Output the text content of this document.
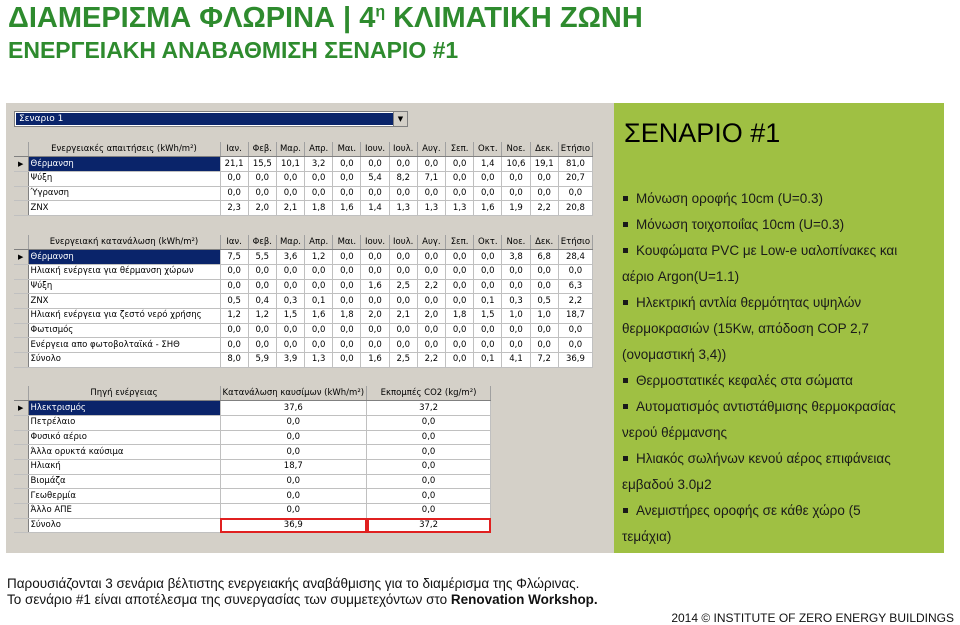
ΔΙΑΜΕΡΙΣΜΑ ΦΛΩΡΙΝΑ | $4^\eta$ ΚΛΙΜΑΤΙΚΗ ΖΩΝΗ
ΕΝΕΡΓΕΙΑΚΗ ΑΝΑΒΑΘΜΙΣΗ ΣΕΝΑΡΙΟ #1
Σεναριο 1	▼
	Ενεργειακές απαιτήσεις (kWh/m²)	Ιαν.	Φεβ.	Μαρ.	Απρ.	Μαι.	Ιουν.	Ιουλ.	Αυγ.	Σεπ.	Οκτ.	Νοε.	Δεκ.	Ετήσιο
▶	Θέρμανση	21,1	15,5	10,1	3,2	0,0	0,0	0,0	0,0	0,0	1,4	10,6	19,1	81,0
	Ψύξη	0,0	0,0	0,0	0,0	0,0	5,4	8,2	7,1	0,0	0,0	0,0	0,0	20,7
	Ύγρανση	0,0	0,0	0,0	0,0	0,0	0,0	0,0	0,0	0,0	0,0	0,0	0,0	0,0
	ΖΝΧ	2,3	2,0	2,1	1,8	1,6	1,4	1,3	1,3	1,3	1,6	1,9	2,2	20,8
	Ενεργειακή κατανάλωση (kWh/m²)	Ιαν.	Φεβ.	Μαρ.	Απρ.	Μαι.	Ιουν.	Ιουλ.	Αυγ.	Σεπ.	Οκτ.	Νοε.	Δεκ.	Ετήσιο
▶	Θέρμανση	7,5	5,5	3,6	1,2	0,0	0,0	0,0	0,0	0,0	0,0	3,8	6,8	28,4
	Ηλιακή ενέργεια για θέρμανση χώρων	0,0	0,0	0,0	0,0	0,0	0,0	0,0	0,0	0,0	0,0	0,0	0,0	0,0
	Ψύξη	0,0	0,0	0,0	0,0	0,0	1,6	2,5	2,2	0,0	0,0	0,0	0,0	6,3
	ΖΝΧ	0,5	0,4	0,3	0,1	0,0	0,0	0,0	0,0	0,0	0,1	0,3	0,5	2,2
	Ηλιακή ενέργεια για ζεστό νερό χρήσης	1,2	1,2	1,5	1,6	1,8	2,0	2,1	2,0	1,8	1,5	1,0	1,0	18,7
	Φωτισμός	0,0	0,0	0,0	0,0	0,0	0,0	0,0	0,0	0,0	0,0	0,0	0,0	0,0
	Ενέργεια απο φωτοβολταϊκά - ΣΗΘ	0,0	0,0	0,0	0,0	0,0	0,0	0,0	0,0	0,0	0,0	0,0	0,0	0,0
	Σύνολο	8,0	5,9	3,9	1,3	0,0	1,6	2,5	2,2	0,0	0,1	4,1	7,2	36,9
	Πηγή ενέργειας	Κατανάλωση καυσίμων (kWh/m²)	Εκπομπές CO2 (kg/m²)
▶	Ηλεκτρισμός	37,6	37,2
	Πετρέλαιο	0,0	0,0
	Φυσικό αέριο	0,0	0,0
	Άλλα ορυκτά καύσιμα	0,0	0,0
	Ηλιακή	18,7	0,0
	Βιομάζα	0,0	0,0
	Γεωθερμία	0,0	0,0
	Άλλο ΑΠΕ	0,0	0,0
	Σύνολο	36,9	37,2
ΣΕΝΑΡΙΟ #1
Μόνωση οροφής 10cm (U=0.3)
Μόνωση τοιχοποιΐας 10cm (U=0.3)
Κουφώματα PVC με Low-e υαλοπίνακες και
αέριο Argon(U=1.1)
Ηλεκτρική αντλία θερμότητας υψηλών
θερμοκρασιών (15Kw, απόδοση COP 2,7 (ονομαστική 3,4))
Θερμοστατικές κεφαλές στα σώματα
Αυτοματισμός αντιστάθμισης θερμοκρασίας
νερού θέρμανσης
Ηλιακός σωλήνων κενού αέρος επιφάνειας
εμβαδού 3.0μ2
Ανεμιστήρες οροφής σε κάθε χώρο (5
τεμάχια)
Παρουσιάζονται 3 σενάρια βέλτιστης ενεργειακής αναβάθμισης για το διαμέρισμα της Φλώρινας.
Το σενάριο #1 είναι αποτέλεσμα της συνεργασίας των συμμετεχόντων στο Renovation Workshop.
2014 © INSTITUTE OF ZERO ENERGY BUILDINGS
